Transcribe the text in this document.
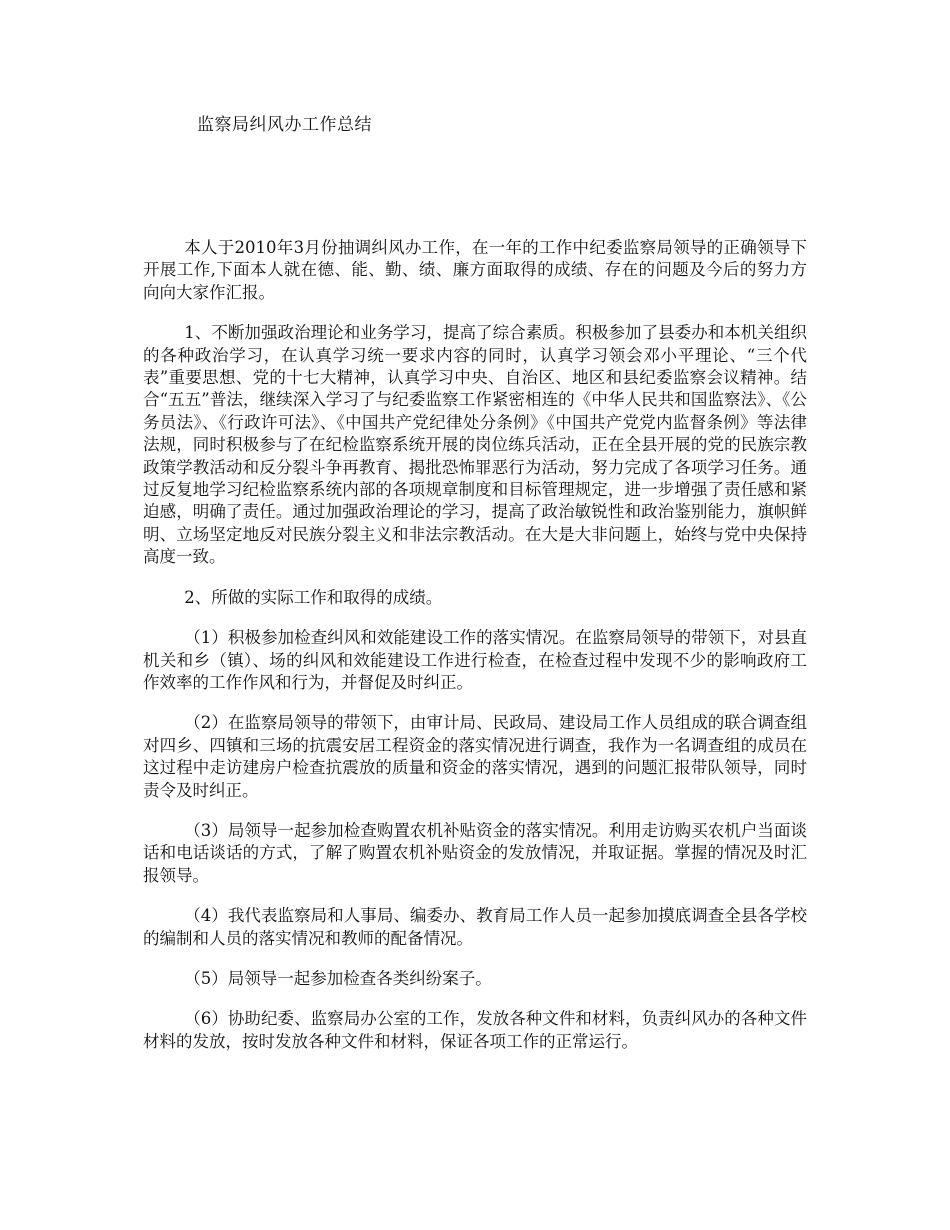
监察局纠风办工作总结

本人于2010年3月份抽调纠风办工作，在一年的工作中纪委监察局领导的正确领导下开展工作,下面本人就在德、能、勤、绩、廉方面取得的成绩、存在的问题及今后的努力方向向大家作汇报。

1、不断加强政治理论和业务学习，提高了综合素质。积极参加了县委办和本机关组织的各种政治学习，在认真学习统一要求内容的同时，认真学习领会邓小平理论、“三个代表”重要思想、党的十七大精神，认真学习中央、自治区、地区和县纪委监察会议精神。结合“五五”普法，继续深入学习了与纪委监察工作紧密相连的《中华人民共和国监察法》、《公务员法》、《行政许可法》、《中国共产党纪律处分条例》《中国共产党党内监督条例》等法律法规，同时积极参与了在纪检监察系统开展的岗位练兵活动，正在全县开展的党的民族宗教政策学教活动和反分裂斗争再教育、揭批恐怖罪恶行为活动，努力完成了各项学习任务。通过反复地学习纪检监察系统内部的各项规章制度和目标管理规定，进一步增强了责任感和紧迫感，明确了责任。通过加强政治理论的学习，提高了政治敏锐性和政治鉴别能力，旗帜鲜明、立场坚定地反对民族分裂主义和非法宗教活动。在大是大非问题上，始终与党中央保持高度一致。

2、所做的实际工作和取得的成绩。

（1）积极参加检查纠风和效能建设工作的落实情况。在监察局领导的带领下，对县直机关和乡（镇）、场的纠风和效能建设工作进行检查，在检查过程中发现不少的影响政府工作效率的工作作风和行为，并督促及时纠正。

（2）在监察局领导的带领下，由审计局、民政局、建设局工作人员组成的联合调查组对四乡、四镇和三场的抗震安居工程资金的落实情况进行调查，我作为一名调查组的成员在这过程中走访建房户检查抗震放的质量和资金的落实情况，遇到的问题汇报带队领导，同时责令及时纠正。

（3）局领导一起参加检查购置农机补贴资金的落实情况。利用走访购买农机户当面谈话和电话谈话的方式，了解了购置农机补贴资金的发放情况，并取证据。掌握的情况及时汇报领导。

（4）我代表监察局和人事局、编委办、教育局工作人员一起参加摸底调查全县各学校的编制和人员的落实情况和教师的配备情况。

（5）局领导一起参加检查各类纠纷案子。

（6）协助纪委、监察局办公室的工作，发放各种文件和材料，负责纠风办的各种文件材料的发放，按时发放各种文件和材料，保证各项工作的正常运行。
